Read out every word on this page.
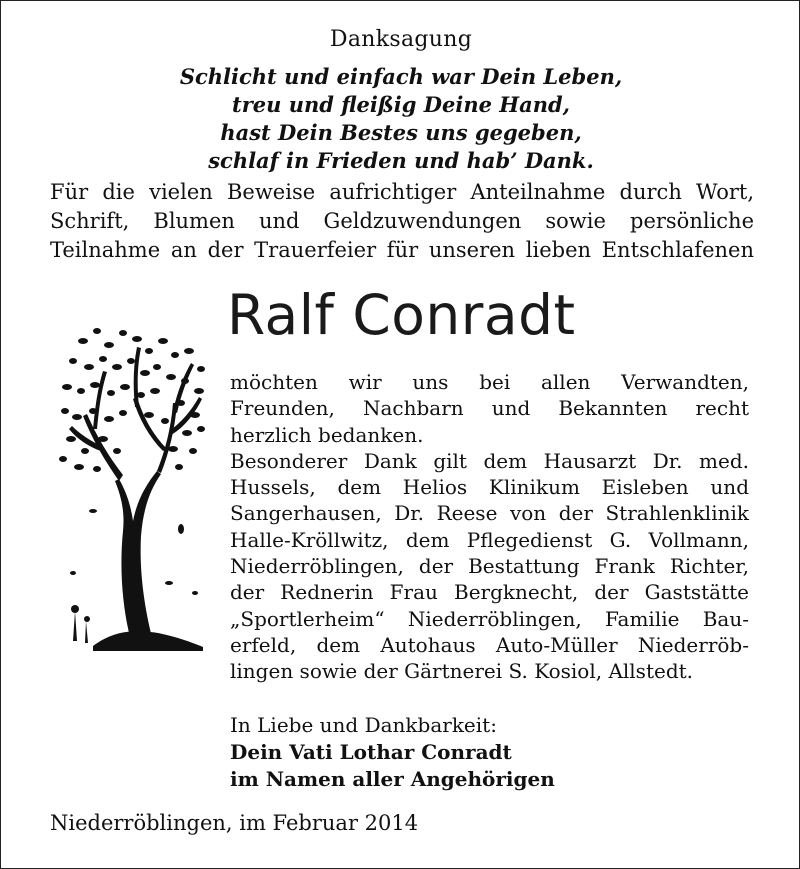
Danksagung
Schlicht und einfach war Dein Leben,
treu und fleißig Deine Hand,
hast Dein Bestes uns gegeben,
schlaf in Frieden und hab’ Dank.
Für die vielen Beweise aufrichtiger Anteilnahme durch Wort,
Schrift, Blumen und Geldzuwendungen sowie persönliche
Teilnahme an der Trauerfeier für unseren lieben Entschlafenen
Ralf Conradt
möchten wir uns bei allen Verwandten,
Freunden, Nachbarn und Bekannten recht
herzlich bedanken.
Besonderer Dank gilt dem Hausarzt Dr. med.
Hussels, dem Helios Klinikum Eisleben und
Sangerhausen, Dr. Reese von der Strahlenklinik
Halle-Kröllwitz, dem Pflegedienst G. Vollmann,
Niederröblingen, der Bestattung Frank Richter,
der Rednerin Frau Bergknecht, der Gaststätte
„Sportlerheim“ Niederröblingen, Familie Bau-
erfeld, dem Autohaus Auto-Müller Niederröb-
lingen sowie der Gärtnerei S. Kosiol, Allstedt.
In Liebe und Dankbarkeit:
Dein Vati Lothar Conradt
im Namen aller Angehörigen
Niederröblingen, im Februar 2014
